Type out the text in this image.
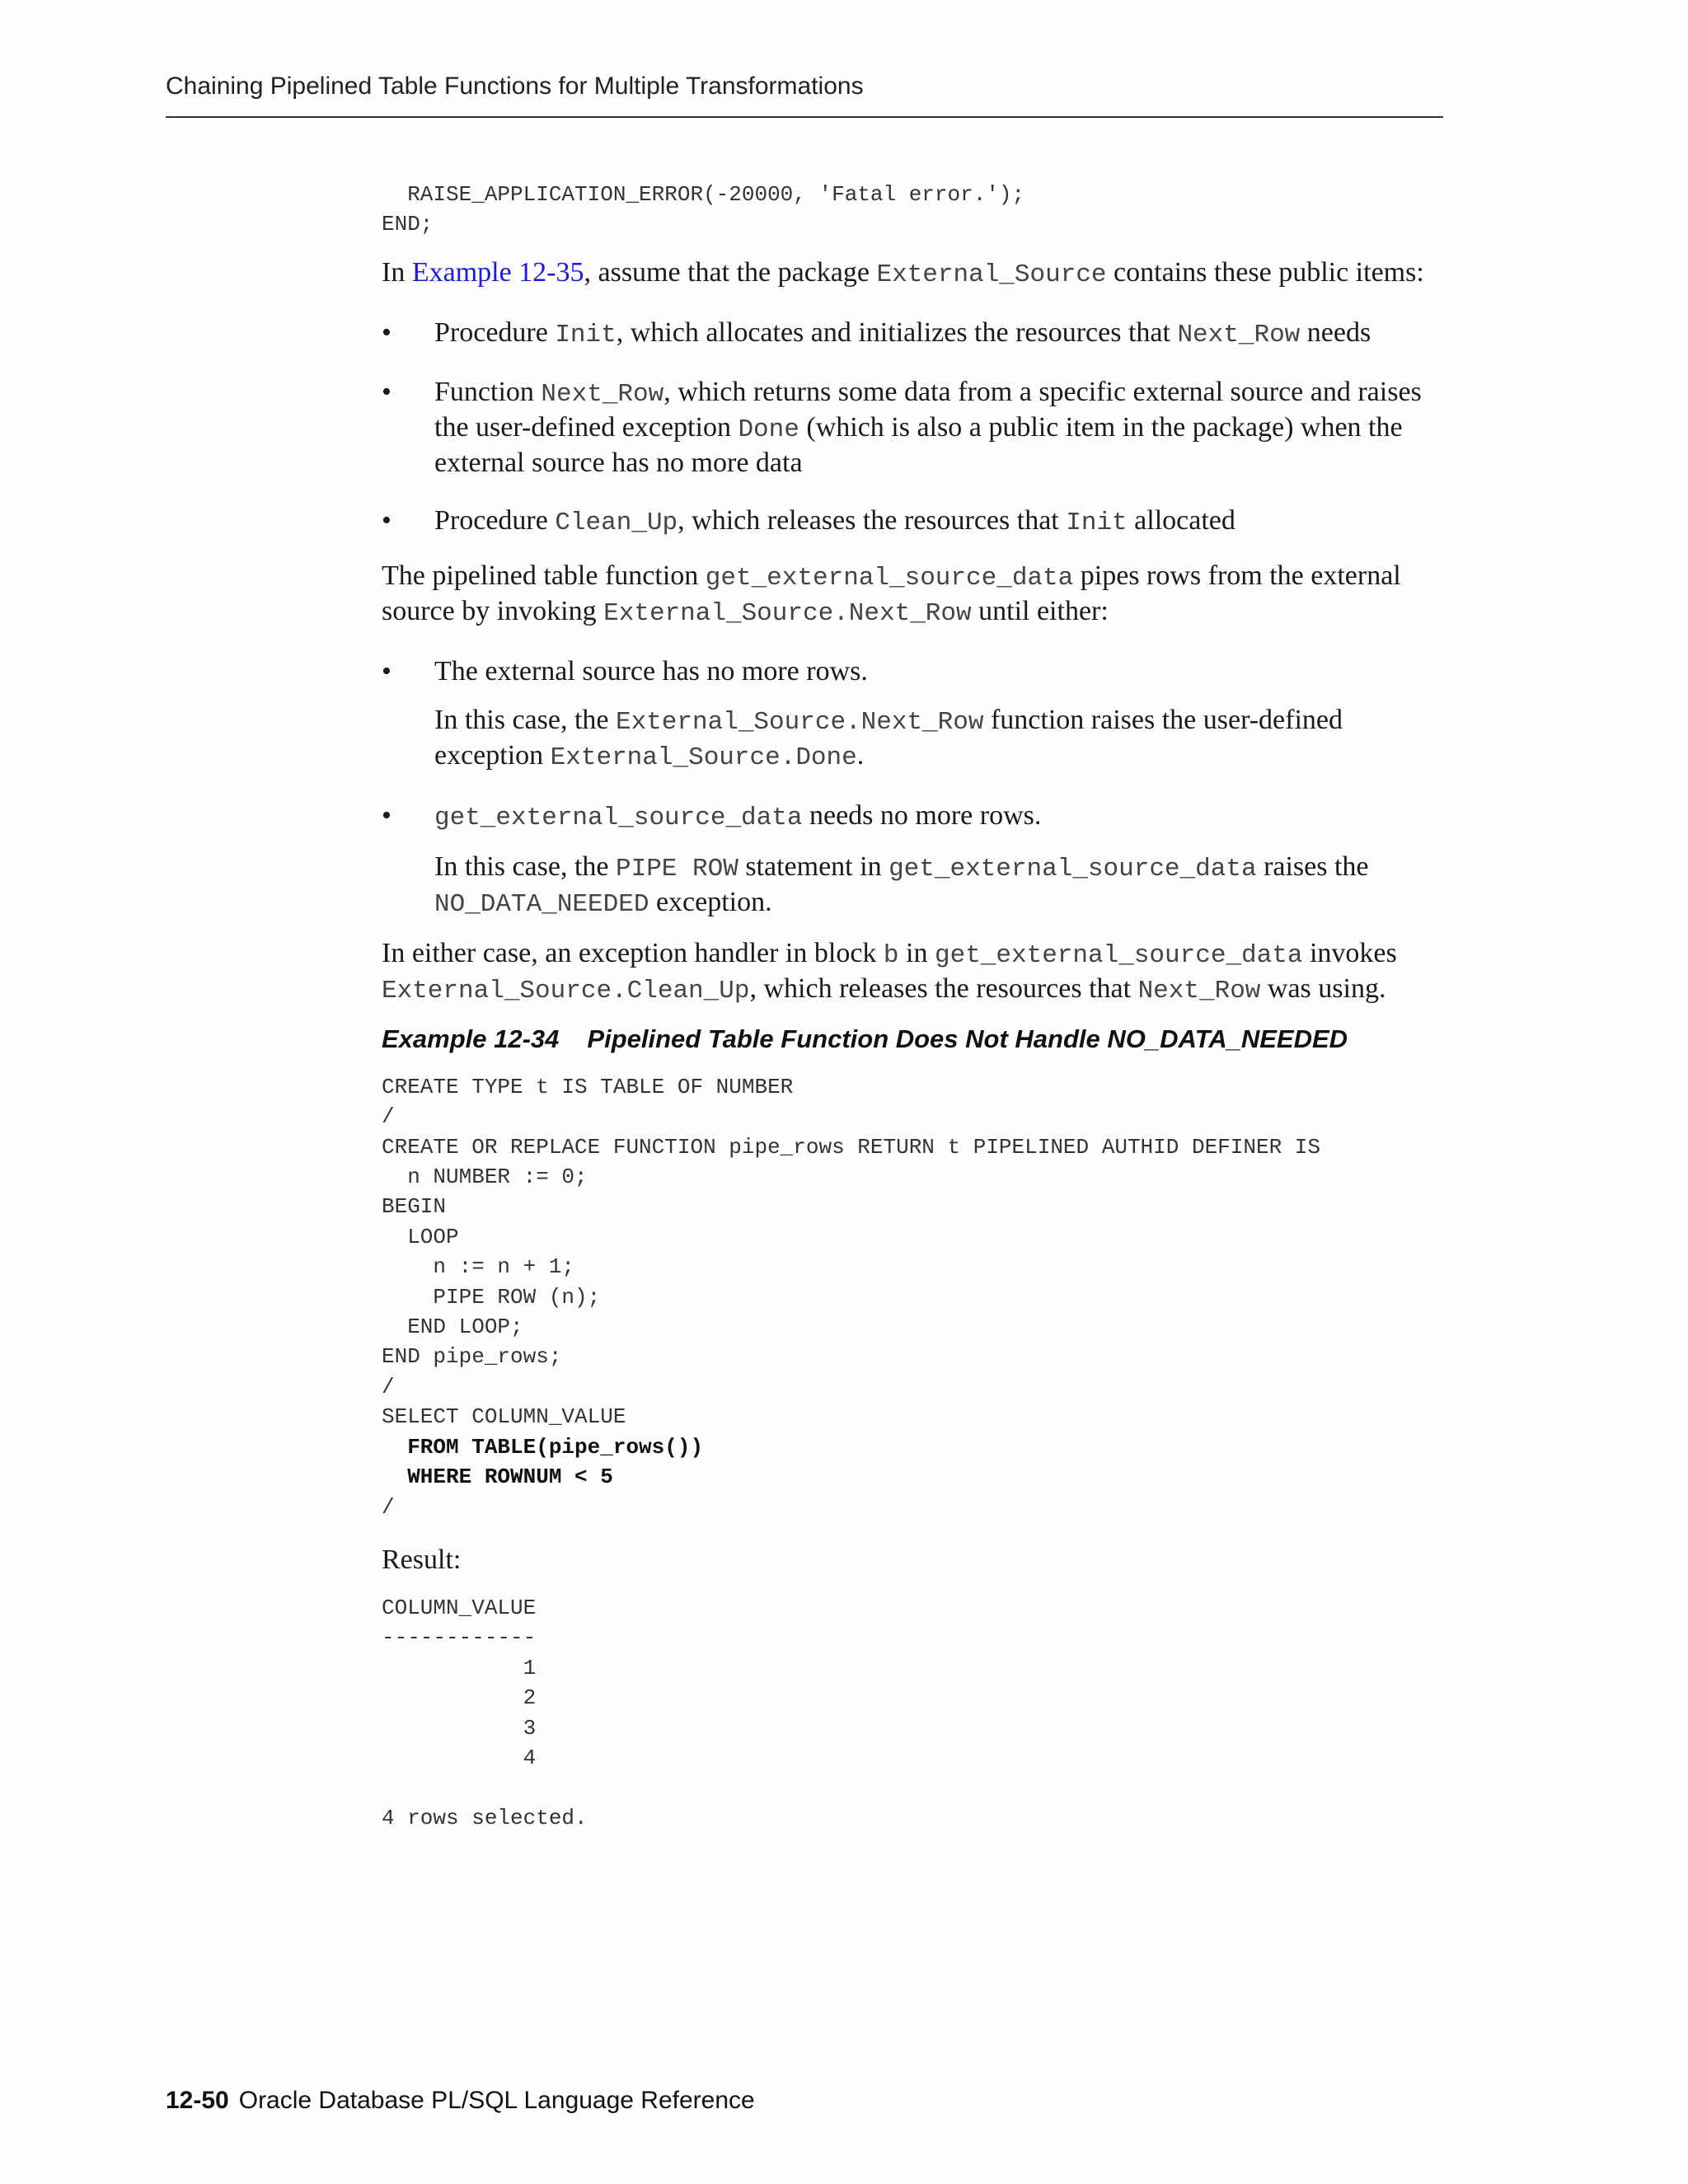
Chaining Pipelined Table Functions for Multiple Transformations
RAISE_APPLICATION_ERROR(-20000, 'Fatal error.');
END;

In Example 12-35, assume that the package External_Source contains these public items:

• Procedure Init, which allocates and initializes the resources that Next_Row needs
• Function Next_Row, which returns some data from a specific external source and raises the user-defined exception Done (which is also a public item in the package) when the external source has no more data
• Procedure Clean_Up, which releases the resources that Init allocated

The pipelined table function get_external_source_data pipes rows from the external source by invoking External_Source.Next_Row until either:

• The external source has no more rows.

In this case, the External_Source.Next_Row function raises the user-defined exception External_Source.Done.

• get_external_source_data needs no more rows.

In this case, the PIPE ROW statement in get_external_source_data raises the NO_DATA_NEEDED exception.

In either case, an exception handler in block b in get_external_source_data invokes External_Source.Clean_Up, which releases the resources that Next_Row was using.

Example 12-34 Pipelined Table Function Does Not Handle NO_DATA_NEEDED

CREATE TYPE t IS TABLE OF NUMBER
/
CREATE OR REPLACE FUNCTION pipe_rows RETURN t PIPELINED AUTHID DEFINER IS
n NUMBER := 0;
BEGIN
LOOP
n := n + 1;
PIPE ROW (n);
END LOOP;
END pipe_rows;
/
SELECT COLUMN_VALUE
FROM TABLE(pipe_rows())
WHERE ROWNUM < 5
/

Result:

COLUMN_VALUE
------------
1
2
3
4

4 rows selected.
12-50 Oracle Database PL/SQL Language Reference
